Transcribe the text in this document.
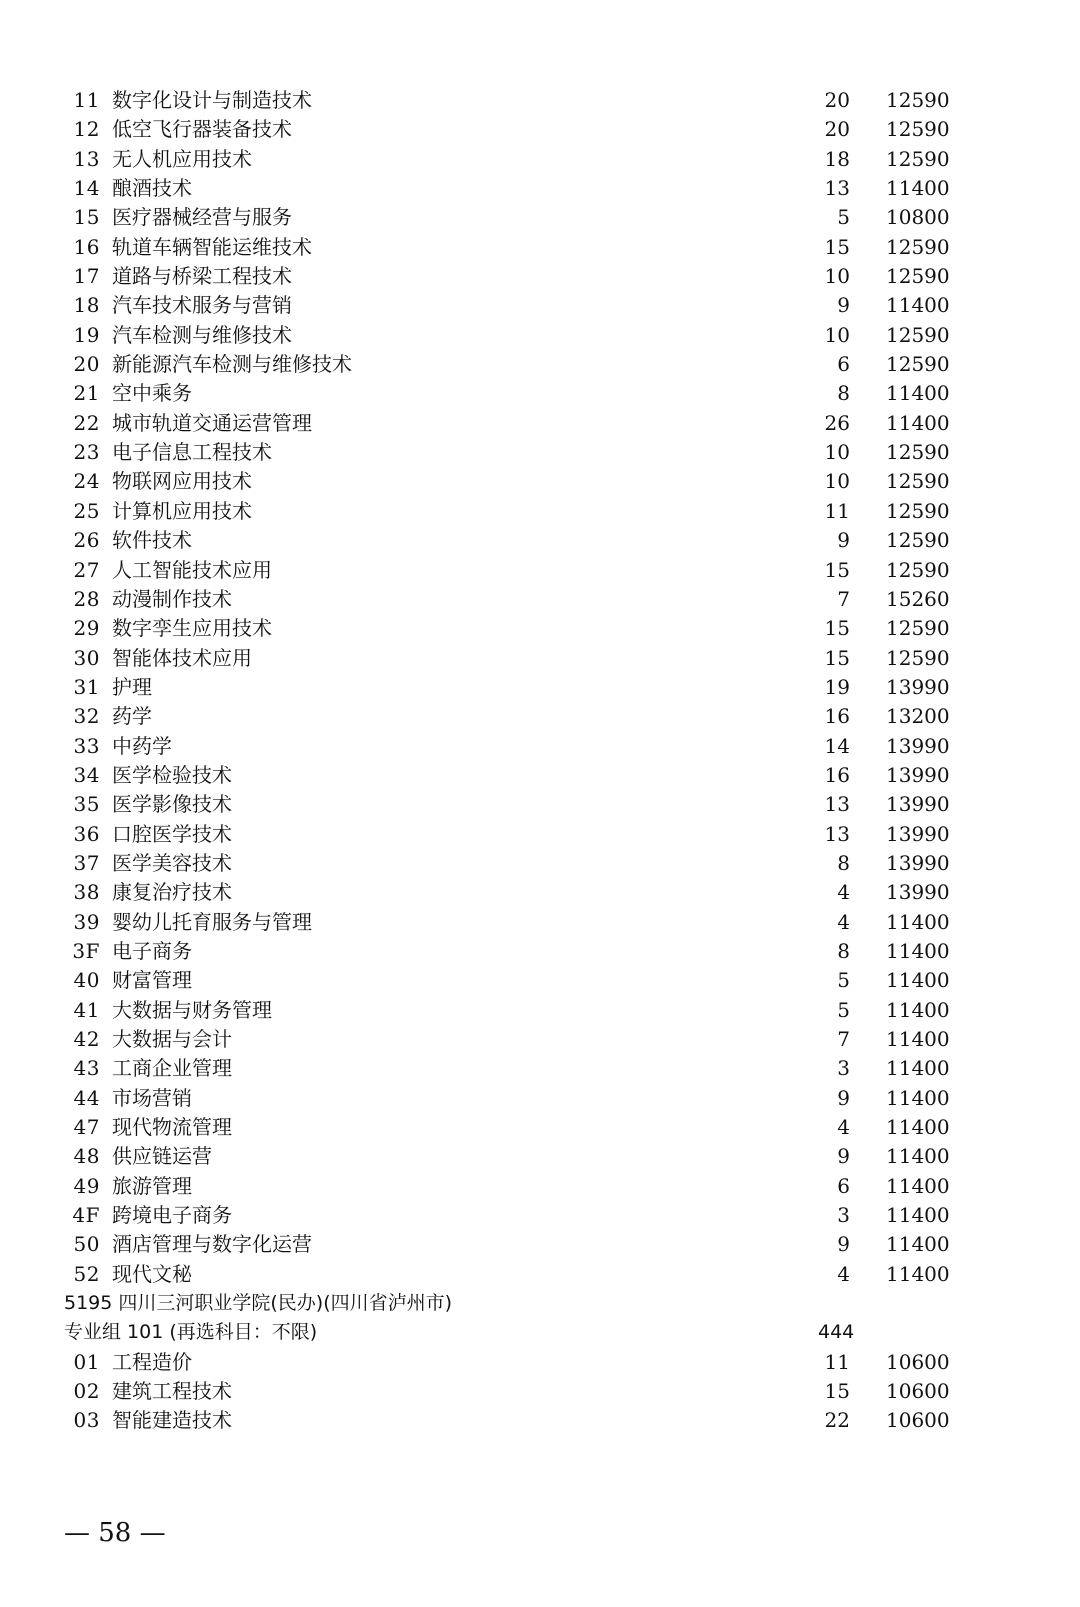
11 数字化设计与制造技术	20 12590
12 低空飞行器装备技术	20 12590
13 无人机应用技术	18 12590
14 酿酒技术	13 11400
15 医疗器械经营与服务	5 10800
16 轨道车辆智能运维技术	15 12590
17 道路与桥梁工程技术	10 12590
18 汽车技术服务与营销	9 11400
19 汽车检测与维修技术	10 12590
20 新能源汽车检测与维修技术	6 12590
21 空中乘务	8 11400
22 城市轨道交通运营管理	26 11400
23 电子信息工程技术	10 12590
24 物联网应用技术	10 12590
25 计算机应用技术	11 12590
26 软件技术	9 12590
27 人工智能技术应用	15 12590
28 动漫制作技术	7 15260
29 数字孪生应用技术	15 12590
30 智能体技术应用	15 12590
31 护理	19 13990
32 药学	16 13200
33 中药学	14 13990
34 医学检验技术	16 13990
35 医学影像技术	13 13990
36 口腔医学技术	13 13990
37 医学美容技术	8 13990
38 康复治疗技术	4 13990
39 婴幼儿托育服务与管理	4 11400
3F 电子商务	8 11400
40 财富管理	5 11400
41 大数据与财务管理	5 11400
42 大数据与会计	7 11400
43 工商企业管理	3 11400
44 市场营销	9 11400
47 现代物流管理	4 11400
48 供应链运营	9 11400
49 旅游管理	6 11400
4F 跨境电子商务	3 11400
50 酒店管理与数字化运营	9 11400
52 现代文秘	4 11400
5195 四川三河职业学院(民办)(四川省泸州市)
专业组 101 (再选科目：不限)	444
01 工程造价	11 10600
02 建筑工程技术	15 10600
03 智能建造技术	22 10600
— 58 —
